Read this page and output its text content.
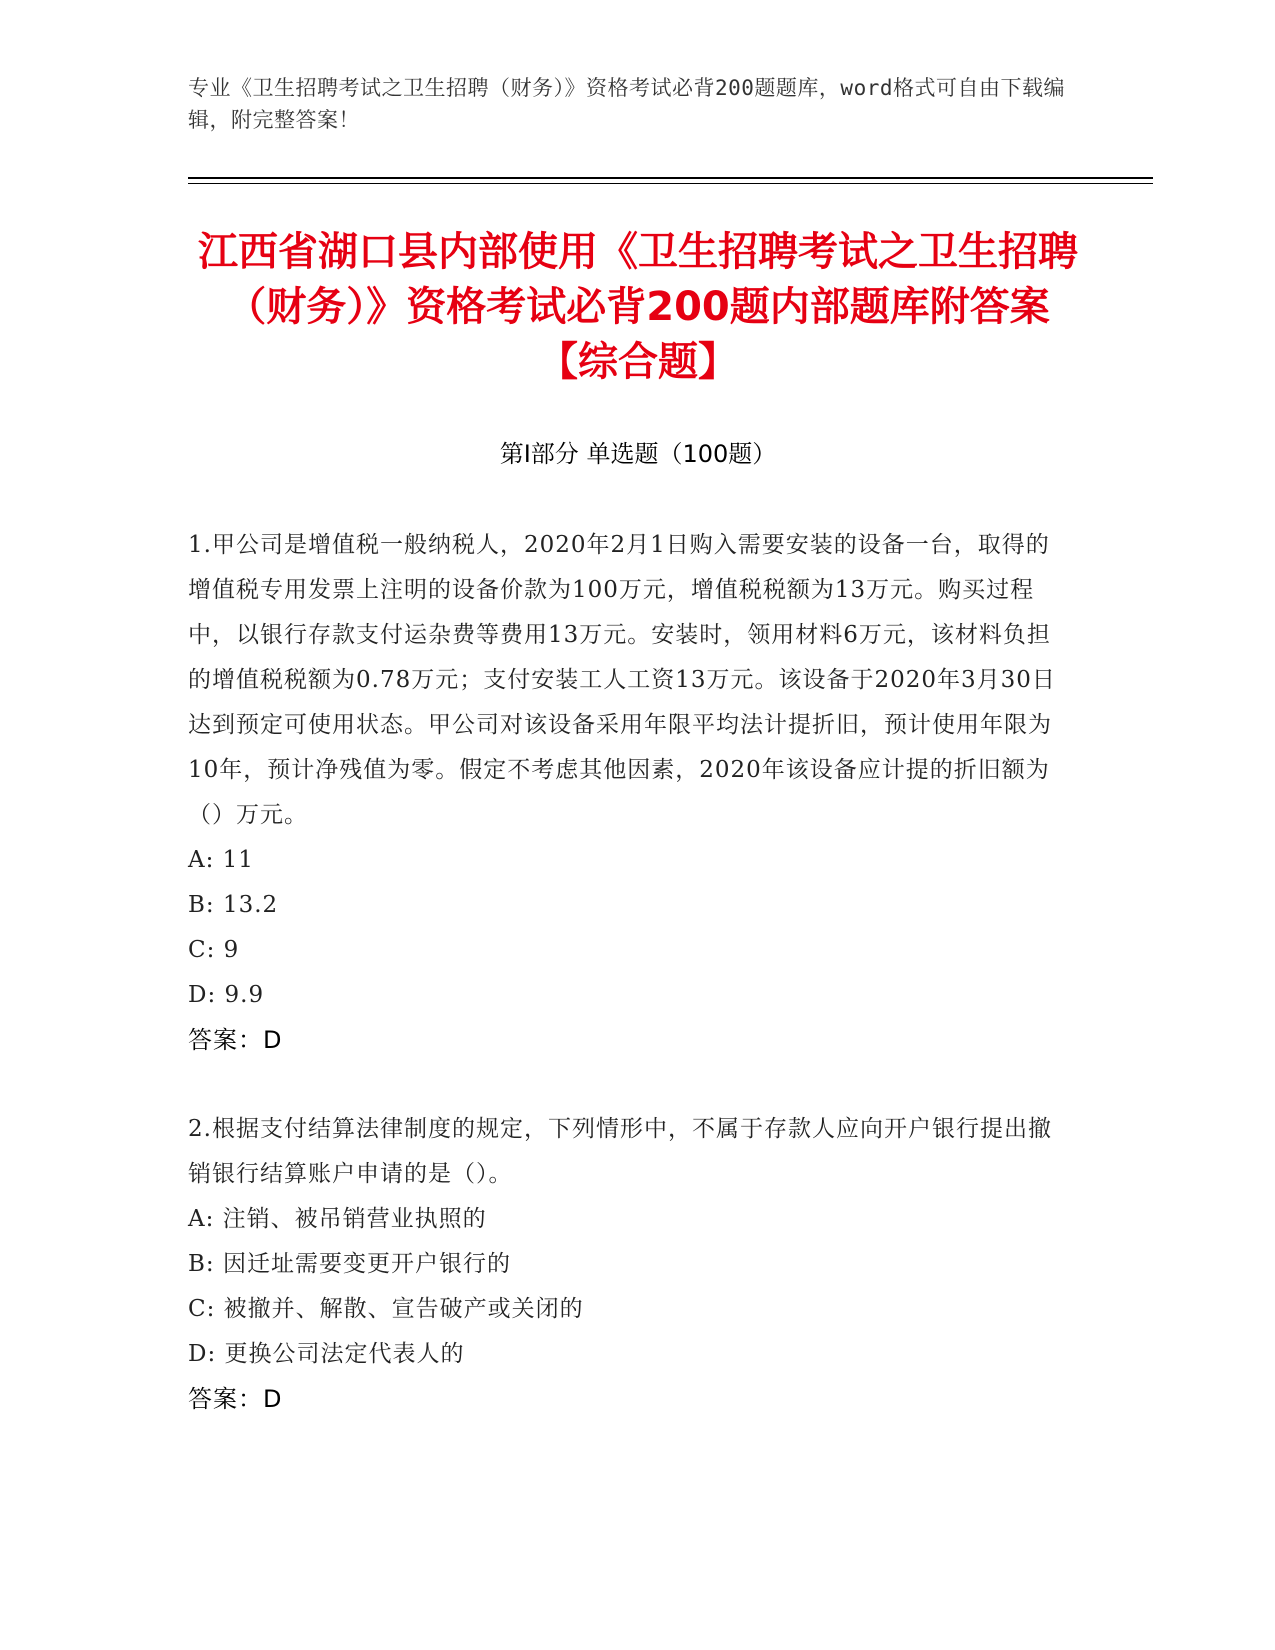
专业《卫生招聘考试之卫生招聘（财务）》资格考试必背200题题库，word格式可自由下载编辑，附完整答案！
江西省湖口县内部使用《卫生招聘考试之卫生招聘（财务）》资格考试必背200题内部题库附答案【综合题】
第I部分 单选题（100题）

1.甲公司是增值税一般纳税人，2020年2月1日购入需要安装的设备一台，取得的增值税专用发票上注明的设备价款为100万元，增值税税额为13万元。购买过程中，以银行存款支付运杂费等费用13万元。安装时，领用材料6万元，该材料负担的增值税税额为0.78万元；支付安装工人工资13万元。该设备于2020年3月30日达到预定可使用状态。甲公司对该设备采用年限平均法计提折旧，预计使用年限为10年，预计净残值为零。假定不考虑其他因素，2020年该设备应计提的折旧额为（）万元。

A: 11

B: 13.2

C: 9

D: 9.9

答案：D

2.根据支付结算法律制度的规定，下列情形中，不属于存款人应向开户银行提出撤销银行结算账户申请的是（）。

A: 注销、被吊销营业执照的

B: 因迁址需要变更开户银行的

C: 被撤并、解散、宣告破产或关闭的

D: 更换公司法定代表人的

答案：D
